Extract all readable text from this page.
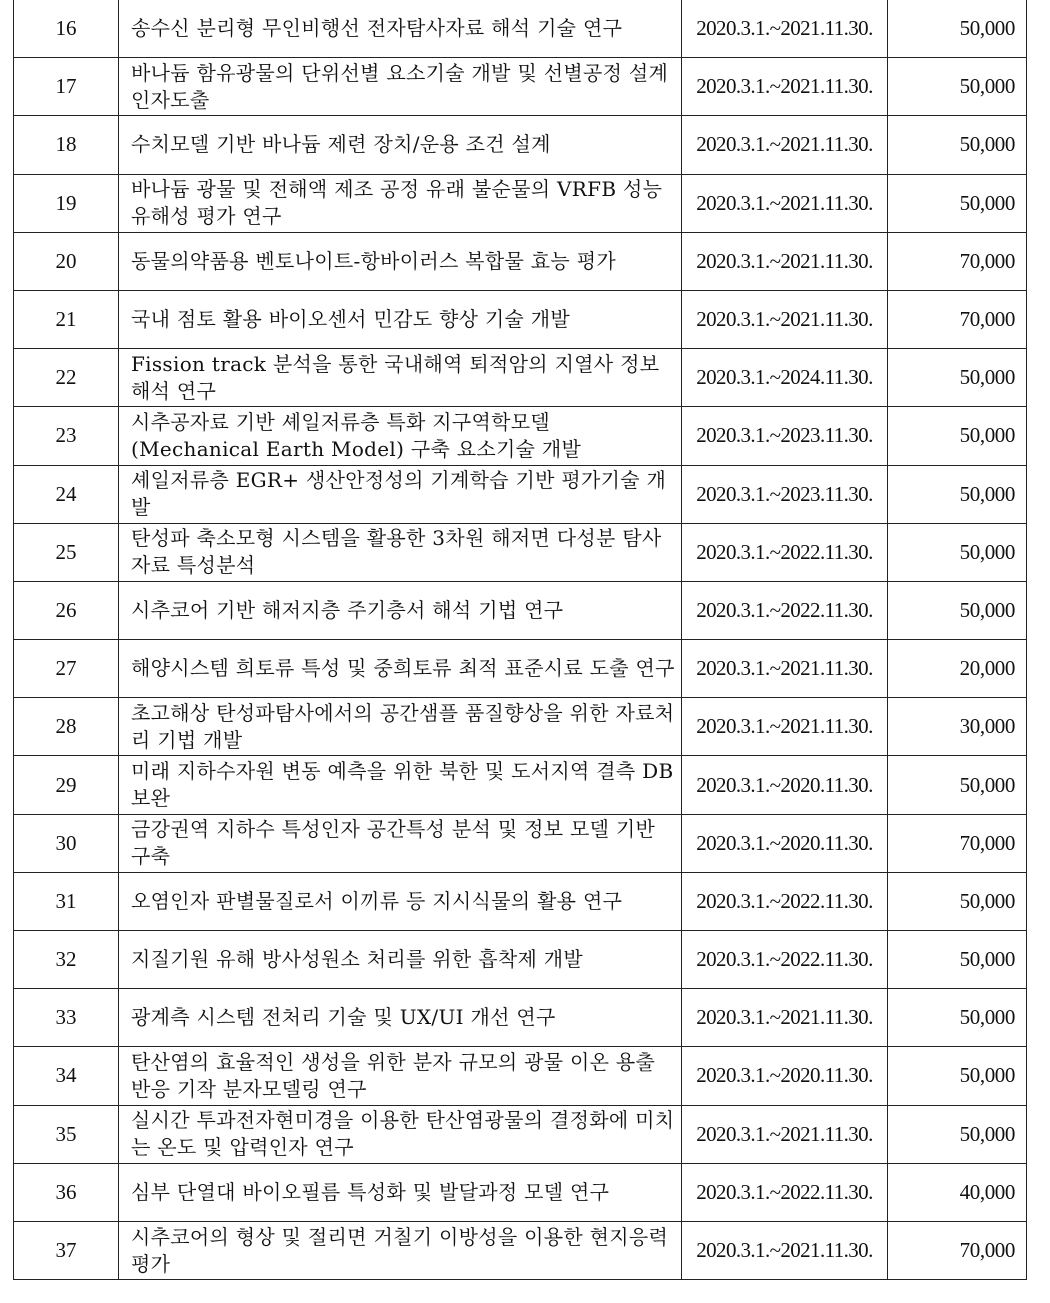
16	송수신 분리형 무인비행선 전자탐사자료 해석 기술 연구	2020.3.1.~2021.11.30.	50,000
17	바나듐 함유광물의 단위선별 요소기술 개발 및 선별공정 설계 인자도출	2020.3.1.~2021.11.30.	50,000
18	수치모델 기반 바나듐 제련 장치/운용 조건 설계	2020.3.1.~2021.11.30.	50,000
19	바나듐 광물 및 전해액 제조 공정 유래 불순물의 VRFB 성능 유해성 평가 연구	2020.3.1.~2021.11.30.	50,000
20	동물의약품용 벤토나이트-항바이러스 복합물 효능 평가	2020.3.1.~2021.11.30.	70,000
21	국내 점토 활용 바이오센서 민감도 향상 기술 개발	2020.3.1.~2021.11.30.	70,000
22	Fission track 분석을 통한 국내해역 퇴적암의 지열사 정보 해석 연구	2020.3.1.~2024.11.30.	50,000
23	시추공자료 기반 셰일저류층 특화 지구역학모델(Mechanical Earth Model) 구축 요소기술 개발	2020.3.1.~2023.11.30.	50,000
24	셰일저류층 EGR+ 생산안정성의 기계학습 기반 평가기술 개발	2020.3.1.~2023.11.30.	50,000
25	탄성파 축소모형 시스템을 활용한 3차원 해저면 다성분 탐사자료 특성분석	2020.3.1.~2022.11.30.	50,000
26	시추코어 기반 해저지층 주기층서 해석 기법 연구	2020.3.1.~2022.11.30.	50,000
27	해양시스템 희토류 특성 및 중희토류 최적 표준시료 도출 연구	2020.3.1.~2021.11.30.	20,000
28	초고해상 탄성파탐사에서의 공간샘플 품질향상을 위한 자료처리 기법 개발	2020.3.1.~2021.11.30.	30,000
29	미래 지하수자원 변동 예측을 위한 북한 및 도서지역 결측 DB 보완	2020.3.1.~2020.11.30.	50,000
30	금강권역 지하수 특성인자 공간특성 분석 및 정보 모델 기반 구축	2020.3.1.~2020.11.30.	70,000
31	오염인자 판별물질로서 이끼류 등 지시식물의 활용 연구	2020.3.1.~2022.11.30.	50,000
32	지질기원 유해 방사성원소 처리를 위한 흡착제 개발	2020.3.1.~2022.11.30.	50,000
33	광계측 시스템 전처리 기술 및 UX/UI 개선 연구	2020.3.1.~2021.11.30.	50,000
34	탄산염의 효율적인 생성을 위한 분자 규모의 광물 이온 용출 반응 기작 분자모델링 연구	2020.3.1.~2020.11.30.	50,000
35	실시간 투과전자현미경을 이용한 탄산염광물의 결정화에 미치는 온도 및 압력인자 연구	2020.3.1.~2021.11.30.	50,000
36	심부 단열대 바이오필름 특성화 및 발달과정 모델 연구	2020.3.1.~2022.11.30.	40,000
37	시추코어의 형상 및 절리면 거칠기 이방성을 이용한 현지응력 평가	2020.3.1.~2021.11.30.	70,000
